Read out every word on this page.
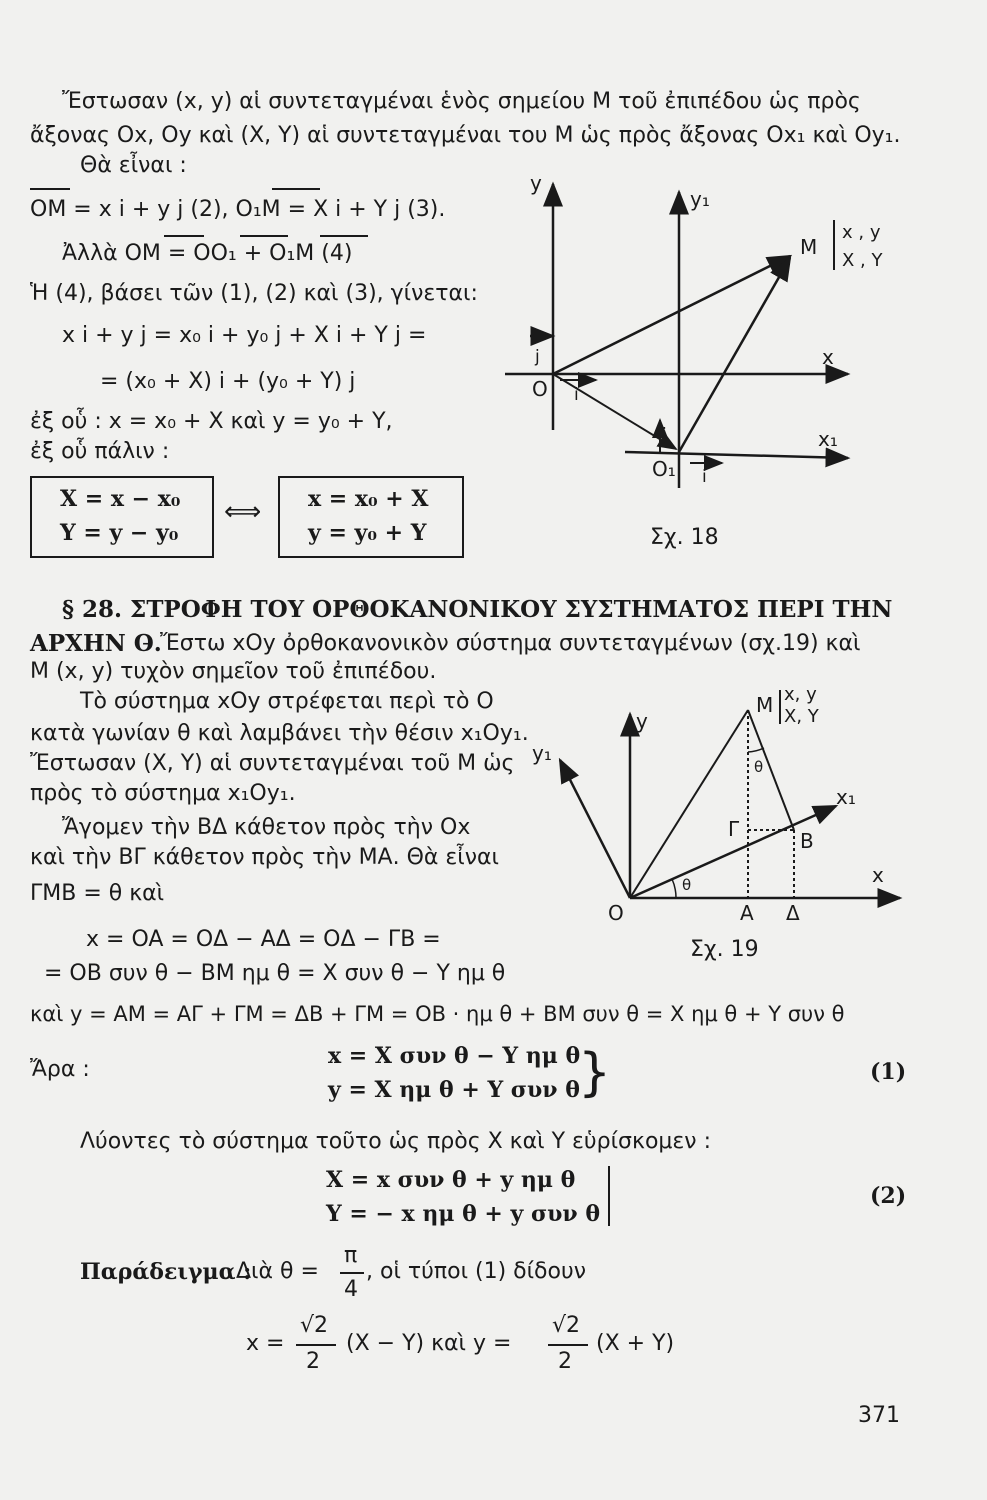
Ἔστωσαν (x, y) αἱ συντεταγμέναι ἑνὸς σημείου Μ τοῦ ἐπιπέδου ὡς πρὸς
ἄξονας Ox, Oy καὶ (X, Y) αἱ συντεταγμέναι του Μ ὡς πρὸς ἄξονας Ox₁ καὶ Oy₁.
Θὰ εἶναι :
OM = x i + y j (2), O₁M = X i + Y j (3).
Ἀλλὰ OM = OO₁ + O₁M (4)
Ἡ (4), βάσει τῶν (1), (2) καὶ (3), γίνεται:
x i + y j = x₀ i + y₀ j + X i + Y j =
= (x₀ + X) i + (y₀ + Y) j
ἐξ οὗ : x = x₀ + X καὶ y = y₀ + Y,
ἐξ οὗ πάλιν :
X = x − x₀
Y = y − y₀
⟺ x = x₀ + X
y = y₀ + Y
y
y₁
M
x , y
X , Y
x
x₁
O
O₁
i
j
i
j
Σχ. 18
§ 28. ΣΤΡΟΦΗ ΤΟΥ ΟΡΘΟΚΑΝΟΝΙΚΟΥ ΣΥΣΤΗΜΑΤΟΣ ΠΕΡΙ ΤΗΝ
ΑΡΧΗΝ Ο.
– Ἔστω xOy ὀρθοκανονικὸν σύστημα συντεταγμένων (σχ.19) καὶ
Μ (x, y) τυχὸν σημεῖον τοῦ ἐπιπέδου.
Τὸ σύστημα xOy στρέφεται περὶ τὸ Ο
κατὰ γωνίαν θ καὶ λαμβάνει τὴν θέσιν x₁Oy₁.
Ἔστωσαν (X, Y) αἱ συντεταγμέναι τοῦ Μ ὡς
πρὸς τὸ σύστημα x₁Oy₁.
Ἄγομεν τὴν ΒΔ κάθετον πρὸς τὴν Ox
καὶ τὴν ΒΓ κάθετον πρὸς τὴν ΜΑ. Θὰ εἶναι
ΓMB = θ καὶ
x = OA = OΔ − AΔ = OΔ − ΓB =
= OB συν θ − BM ημ θ = X συν θ − Y ημ θ
καὶ y = AM = AΓ + ΓM = ΔB + ΓM = OB · ημ θ + BM συν θ = X ημ θ + Y συν θ
Ἄρα :
x = X συν θ − Y ημ θ
y = X ημ θ + Y συν θ
}	(1)
Λύοντες τὸ σύστημα τοῦτο ὡς πρὸς X καὶ Y εὑρίσκομεν :
X = x συν θ + y ημ θ
Y = − x ημ θ + y συν θ
(2)
Παράδειγμα :
Διὰ θ =
π
4
, οἱ τύποι (1) δίδουν
x =
√2
2
(X − Y) καὶ y =
√2
2
(X + Y)
371
y
y₁
M x, y
X, Y
x₁
x
O	A Δ
Γ	B
θ
θ
Σχ. 19
